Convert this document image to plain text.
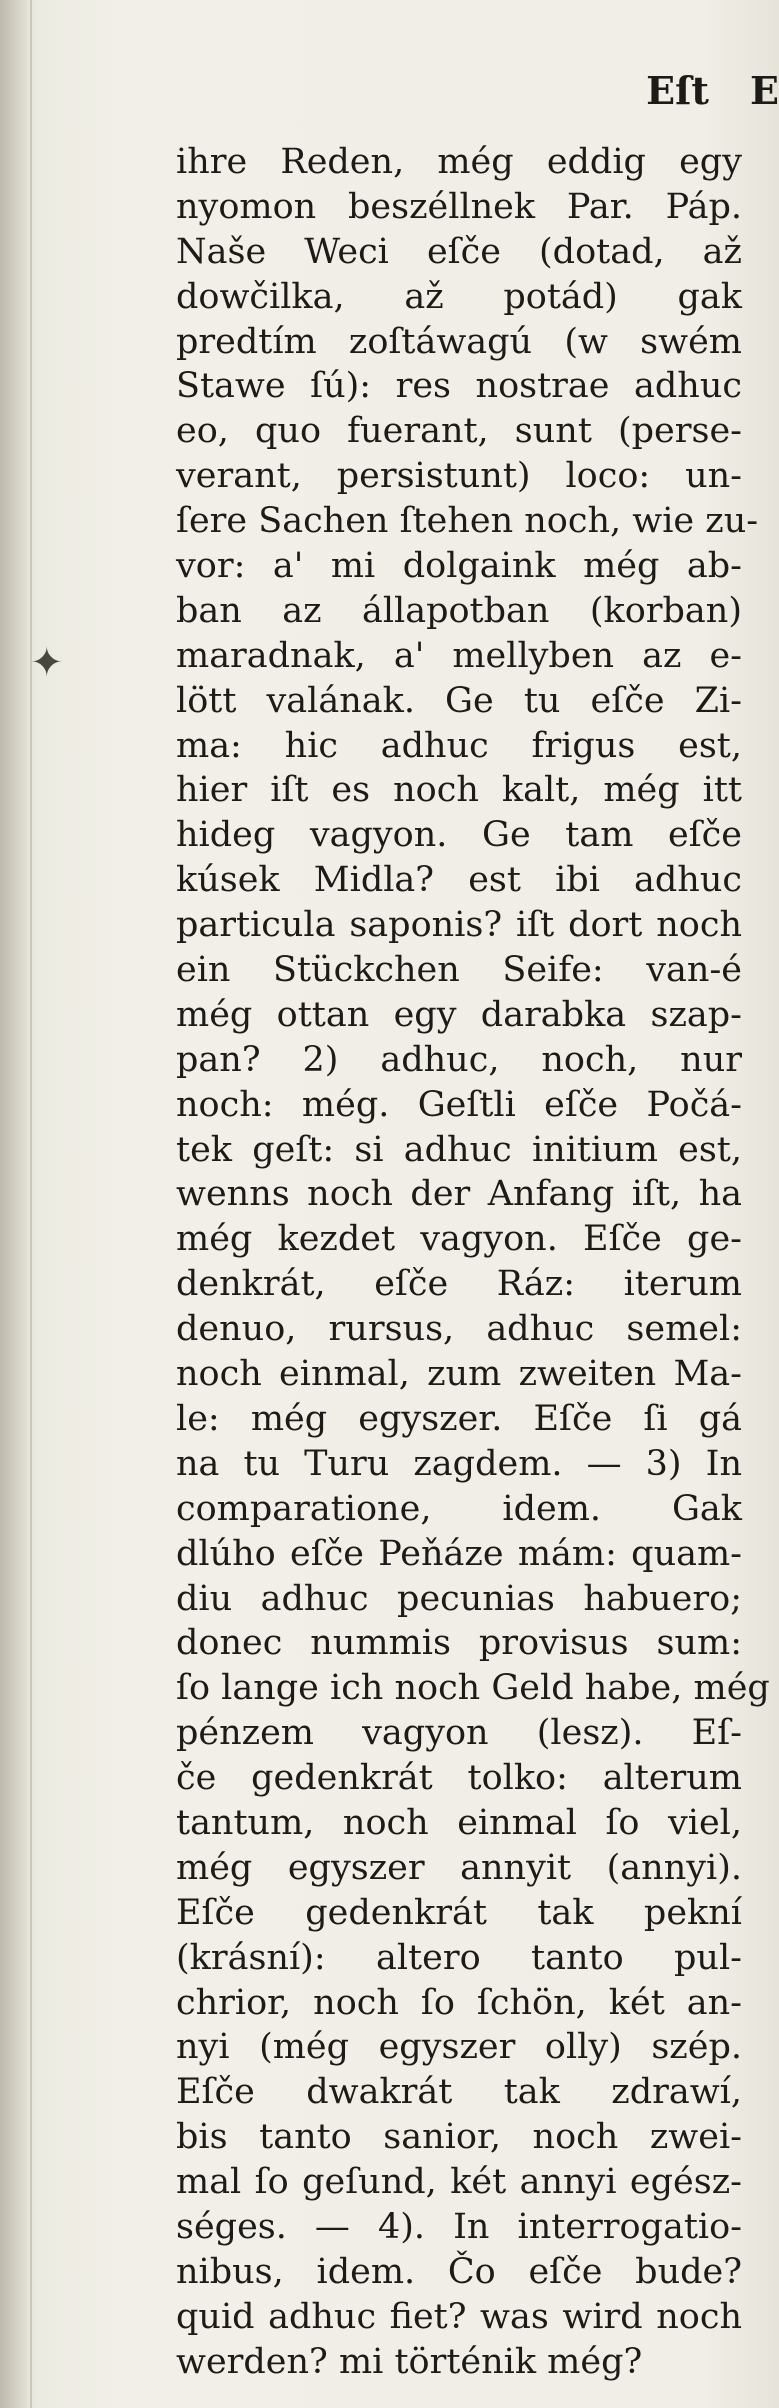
✦
Eſt E
ihre Reden, még eddig egy
nyomon beszéllnek Par. Páp.
Naše Weci eſče (dotad, až
dowčilka, až potád) gak
predtím zoſtáwagú (w swém
Stawe ſú): res nostrae adhuc
eo, quo fuerant, sunt (perse-
verant, persistunt) loco: un-
ſere Sachen ſtehen noch, wie zu-
vor: a' mi dolgaink még ab-
ban az állapotban (korban)
maradnak, a' mellyben az e-
lött valának. Ge tu eſče Zi-
ma: hic adhuc frigus est,
hier iſt es noch kalt, még itt
hideg vagyon. Ge tam eſče
kúsek Midla? est ibi adhuc
particula saponis? iſt dort noch
ein Stückchen Seife: van-é
még ottan egy darabka szap-
pan? 2) adhuc, noch, nur
noch: még. Geſtli eſče Počá-
tek geſt: si adhuc initium est,
wenns noch der Anfang iſt, ha
még kezdet vagyon. Eſče ge-
denkrát, eſče Ráz: iterum
denuo, rursus, adhuc semel:
noch einmal, zum zweiten Ma-
le: még egyszer. Eſče ſi gá
na tu Turu zagdem. — 3) In
comparatione, idem. Gak
dlúho eſče Peňáze mám: quam-
diu adhuc pecunias habuero;
donec nummis provisus sum:
ſo lange ich noch Geld habe, még
pénzem vagyon (lesz). Eſ-
če gedenkrát tolko: alterum
tantum, noch einmal ſo viel,
még egyszer annyit (annyi).
Eſče gedenkrát tak pekní
(krásní): altero tanto pul-
chrior, noch ſo ſchön, két an-
nyi (még egyszer olly) szép.
Eſče dwakrát tak zdrawí,
bis tanto sanior, noch zwei-
mal ſo geſund, két annyi egész-
séges. — 4). In interrogatio-
nibus, idem. Čo eſče bude?
quid adhuc fiet? was wird noch
werden? mi történik még?
